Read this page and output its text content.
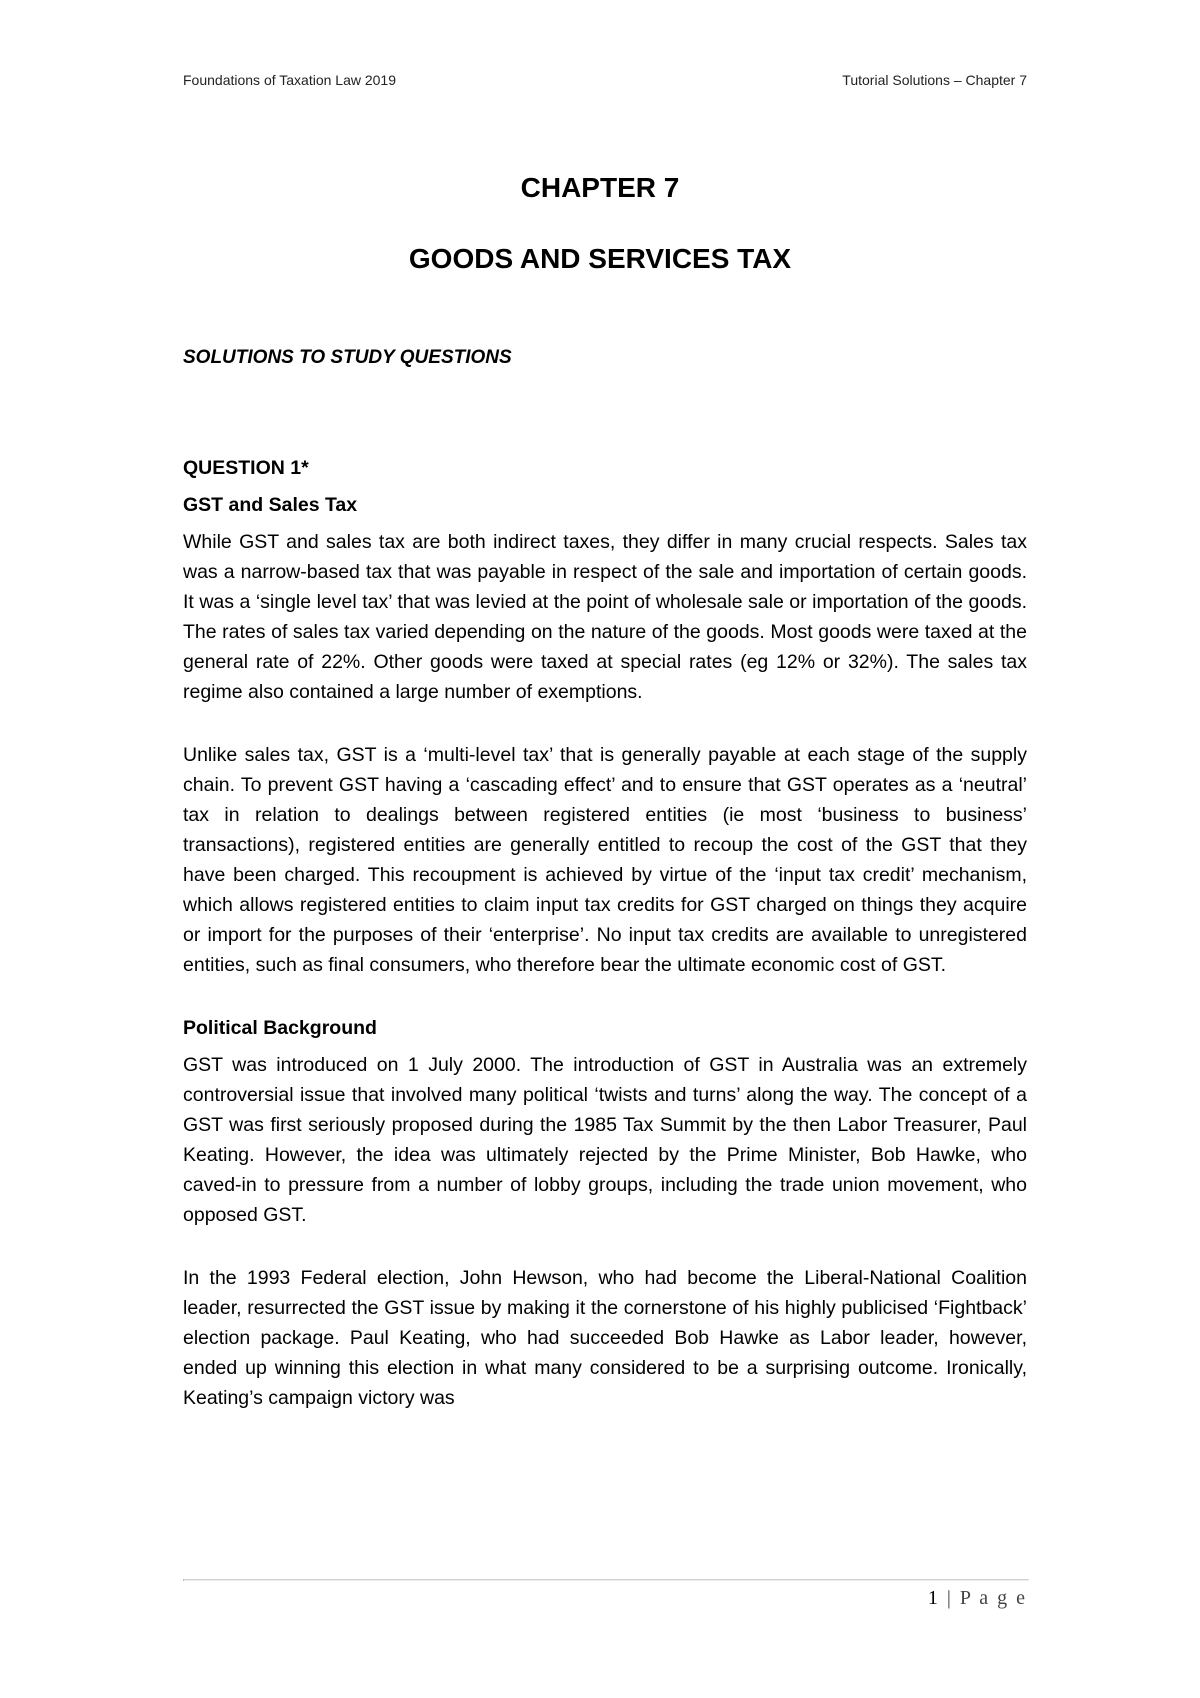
Foundations of Taxation Law 2019	Tutorial Solutions – Chapter 7
CHAPTER 7
GOODS AND SERVICES TAX
SOLUTIONS TO STUDY QUESTIONS
QUESTION 1*
GST and Sales Tax

While GST and sales tax are both indirect taxes, they differ in many crucial respects. Sales tax was a narrow-based tax that was payable in respect of the sale and importation of certain goods. It was a ‘single level tax’ that was levied at the point of wholesale sale or importation of the goods. The rates of sales tax varied depending on the nature of the goods. Most goods were taxed at the general rate of 22%. Other goods were taxed at special rates (eg 12% or 32%). The sales tax regime also contained a large number of exemptions.

Unlike sales tax, GST is a ‘multi-level tax’ that is generally payable at each stage of the supply chain. To prevent GST having a ‘cascading effect’ and to ensure that GST operates as a ‘neutral’ tax in relation to dealings between registered entities (ie most ‘business to business’ transactions), registered entities are generally entitled to recoup the cost of the GST that they have been charged. This recoupment is achieved by virtue of the ‘input tax credit’ mechanism, which allows registered entities to claim input tax credits for GST charged on things they acquire or import for the purposes of their ‘enterprise’. No input tax credits are available to unregistered entities, such as final consumers, who therefore bear the ultimate economic cost of GST.

Political Background

GST was introduced on 1 July 2000. The introduction of GST in Australia was an extremely controversial issue that involved many political ‘twists and turns’ along the way. The concept of a GST was first seriously proposed during the 1985 Tax Summit by the then Labor Treasurer, Paul Keating. However, the idea was ultimately rejected by the Prime Minister, Bob Hawke, who caved-in to pressure from a number of lobby groups, including the trade union movement, who opposed GST.

In the 1993 Federal election, John Hewson, who had become the Liberal-National Coalition leader, resurrected the GST issue by making it the cornerstone of his highly publicised ‘Fightback’ election package. Paul Keating, who had succeeded Bob Hawke as Labor leader, however, ended up winning this election in what many considered to be a surprising outcome. Ironically, Keating’s campaign victory was

1 | P a g e
